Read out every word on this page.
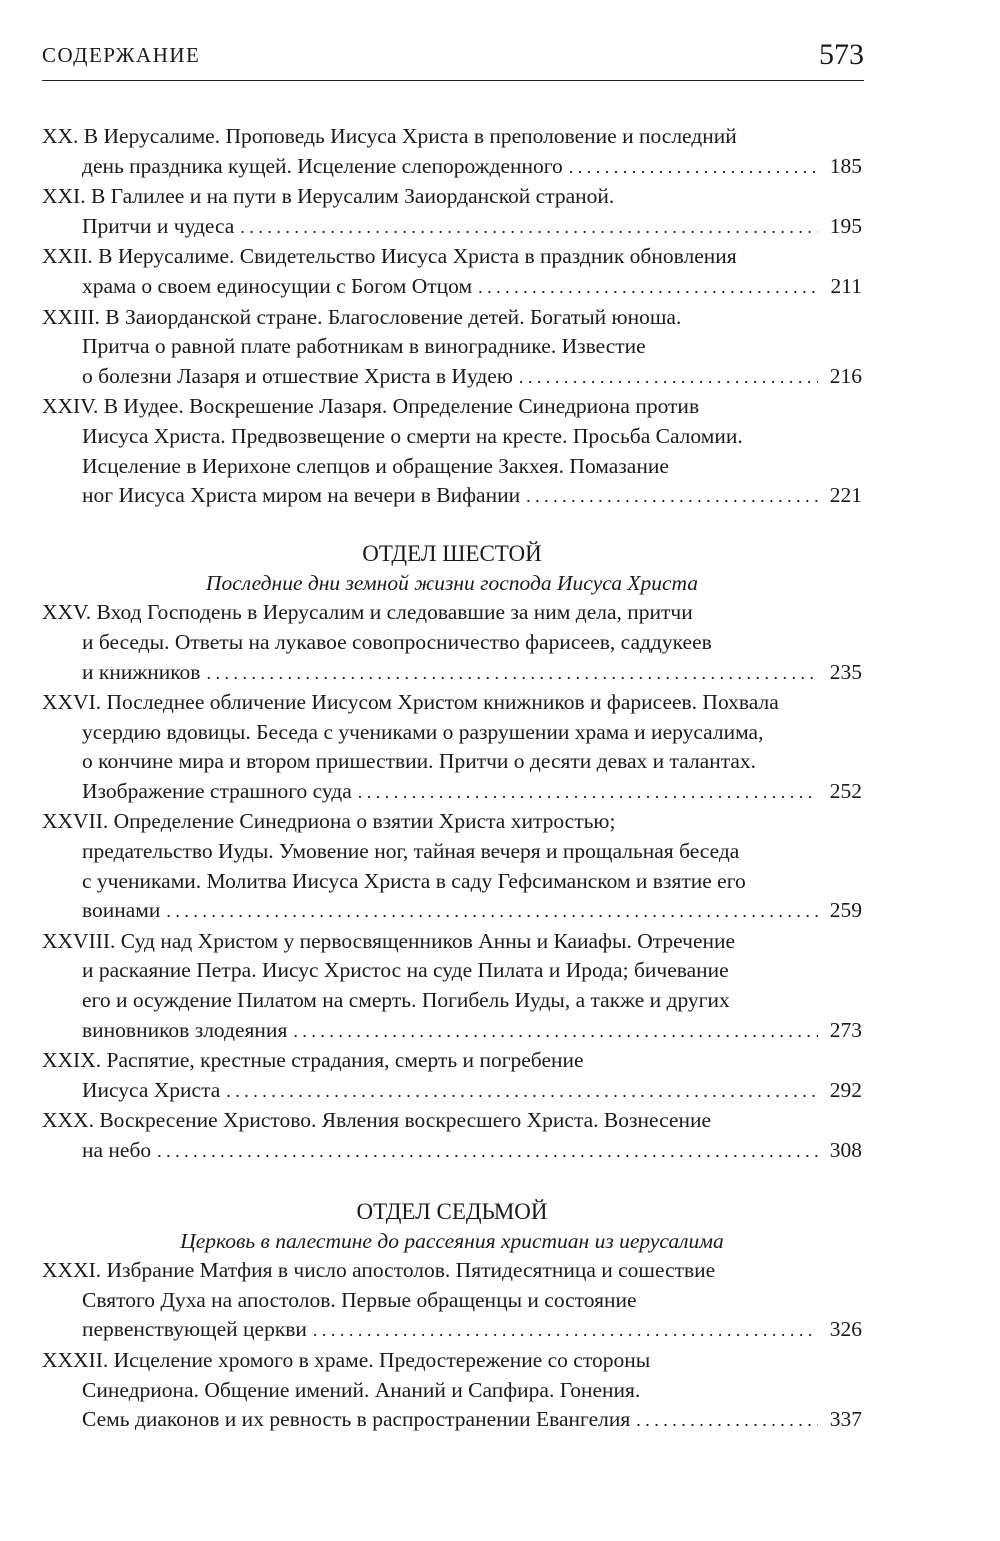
СОДЕРЖАНИЕ	573
XX. В Иерусалиме. Проповедь Иисуса Христа в преполовение и последний
день праздника кущей. Исцеление слепорожденного . . .	185
XXI. В Галилее и на пути в Иерусалим Заиорданской страной.
Притчи и чудеса . . .	195
XXII. В Иерусалиме. Свидетельство Иисуса Христа в праздник обновления
храма о своем единосущии с Богом Отцом . . .	211
XXIII. В Заиорданской стране. Благословение детей. Богатый юноша.
Притча о равной плате работникам в винограднике. Известие
о болезни Лазаря и отшествие Христа в Иудею . . .	216
XXIV. В Иудее. Воскрешение Лазаря. Определение Синедриона против
Иисуса Христа. Предвозвещение о смерти на кресте. Просьба Саломии.
Исцеление в Иерихоне слепцов и обращение Закхея. Помазание
ног Иисуса Христа миром на вечери в Вифании . . .	221
ОТДЕЛ ШЕСТОЙ
Последние дни земной жизни господа Иисуса Христа
XXV. Вход Господень в Иерусалим и следовавшие за ним дела, притчи
и беседы. Ответы на лукавое совопросничество фарисеев, саддукеев
и книжников . . .	235
XXVI. Последнее обличение Иисусом Христом книжников и фарисеев. Похвала
усердию вдовицы. Беседа с учениками о разрушении храма и иерусалима,
о кончине мира и втором пришествии. Притчи о десяти девах и талантах.
Изображение страшного суда . . .	252
XXVII. Определение Синедриона о взятии Христа хитростью;
предательство Иуды. Умовение ног, тайная вечеря и прощальная беседа
с учениками. Молитва Иисуса Христа в саду Гефсиманском и взятие его
воинами . . .	259
XXVIII. Суд над Христом у первосвященников Анны и Каиафы. Отречение
и раскаяние Петра. Иисус Христос на суде Пилата и Ирода; бичевание
его и осуждение Пилатом на смерть. Погибель Иуды, а также и других
виновников злодеяния . . .	273
XXIX. Распятие, крестные страдания, смерть и погребение
Иисуса Христа . . .	292
XXX. Воскресение Христово. Явления воскресшего Христа. Вознесение
на небо . . .	308
ОТДЕЛ СЕДЬМОЙ
Церковь в палестине до рассеяния христиан из иерусалима
XXXI. Избрание Матфия в число апостолов. Пятидесятница и сошествие
Святого Духа на апостолов. Первые обращенцы и состояние
первенствующей церкви . . .	326
XXXII. Исцеление хромого в храме. Предостережение со стороны
Синедриона. Общение имений. Ананий и Сапфира. Гонения.
Семь диаконов и их ревность в распространении Евангелия . . .	337
